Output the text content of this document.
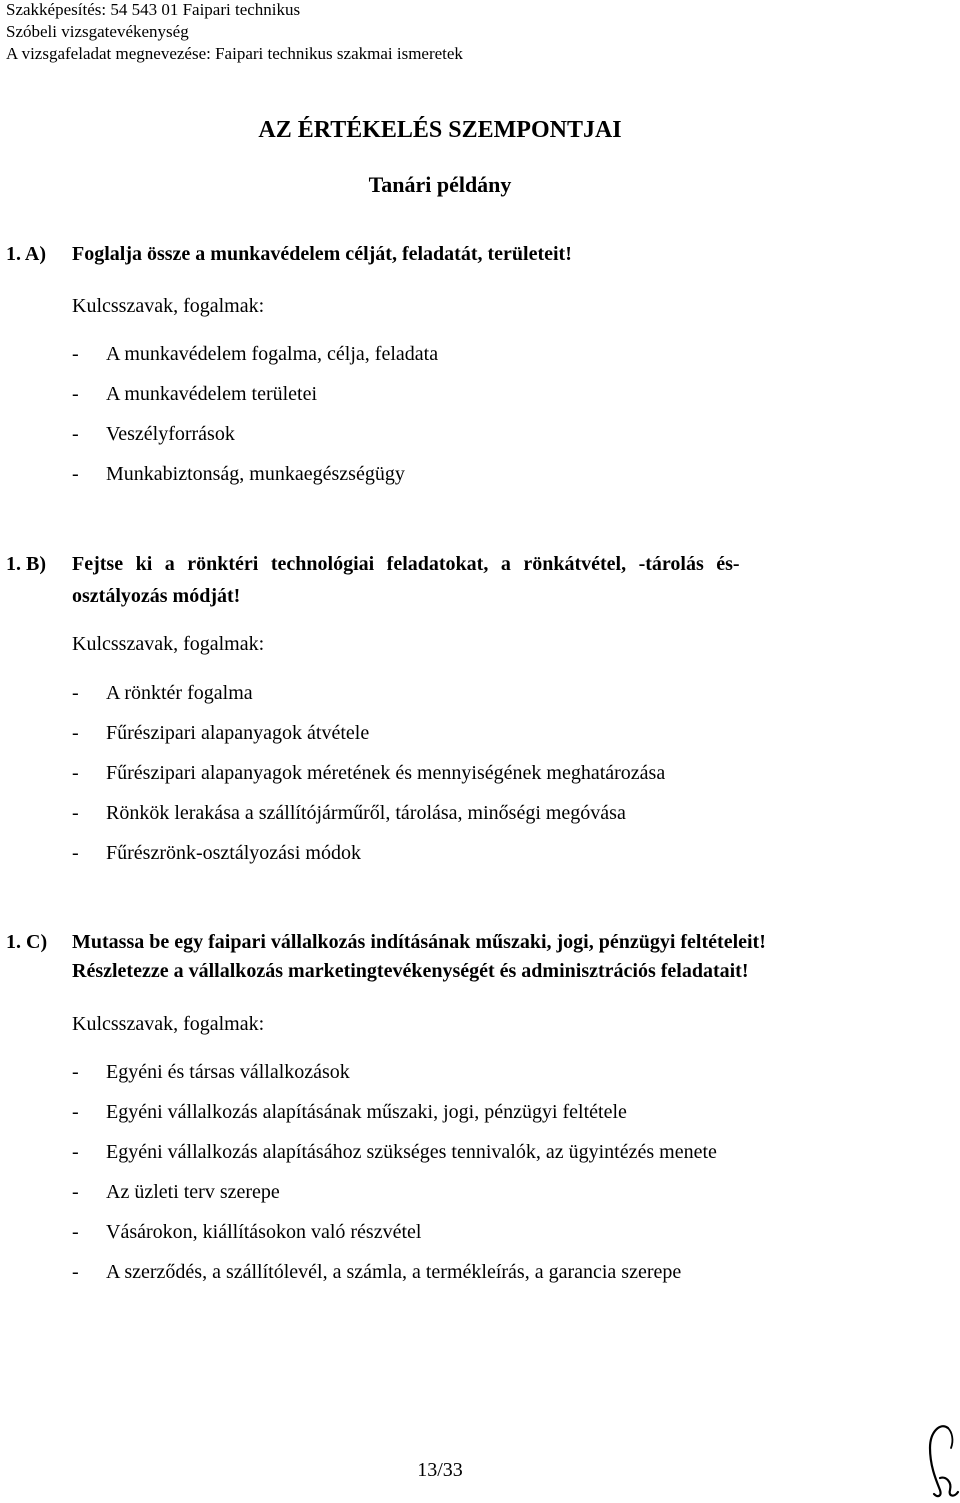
Szakképesítés: 54 543 01 Faipari technikus
Szóbeli vizsgatevékenység
A vizsgafeladat megnevezése: Faipari technikus szakmai ismeretek
AZ ÉRTÉKELÉS SZEMPONTJAI
Tanári példány
1. A) Foglalja össze a munkavédelem célját, feladatát, területeit!
Kulcsszavak, fogalmak:
- A munkavédelem fogalma, célja, feladata
- A munkavédelem területei
- Veszélyforrások
- Munkabiztonság, munkaegészségügy
1. B) Fejtse ki a rönktéri technológiai feladatokat, a rönkátvétel, -tárolás és-
osztályozás módját!
Kulcsszavak, fogalmak:
- A rönktér fogalma
- Fűrészipari alapanyagok átvétele
- Fűrészipari alapanyagok méretének és mennyiségének meghatározása
- Rönkök lerakása a szállítójárműről, tárolása, minőségi megóvása
- Fűrészrönk-osztályozási módok
1. C) Mutassa be egy faipari vállalkozás indításának műszaki, jogi, pénzügyi feltételeit!
Részletezze a vállalkozás marketingtevékenységét és adminisztrációs feladatait!
Kulcsszavak, fogalmak:
- Egyéni és társas vállalkozások
- Egyéni vállalkozás alapításának műszaki, jogi, pénzügyi feltétele
- Egyéni vállalkozás alapításához szükséges tennivalók, az ügyintézés menete
- Az üzleti terv szerepe
- Vásárokon, kiállításokon való részvétel
- A szerződés, a szállítólevél, a számla, a termékleírás, a garancia szerepe
13/33
